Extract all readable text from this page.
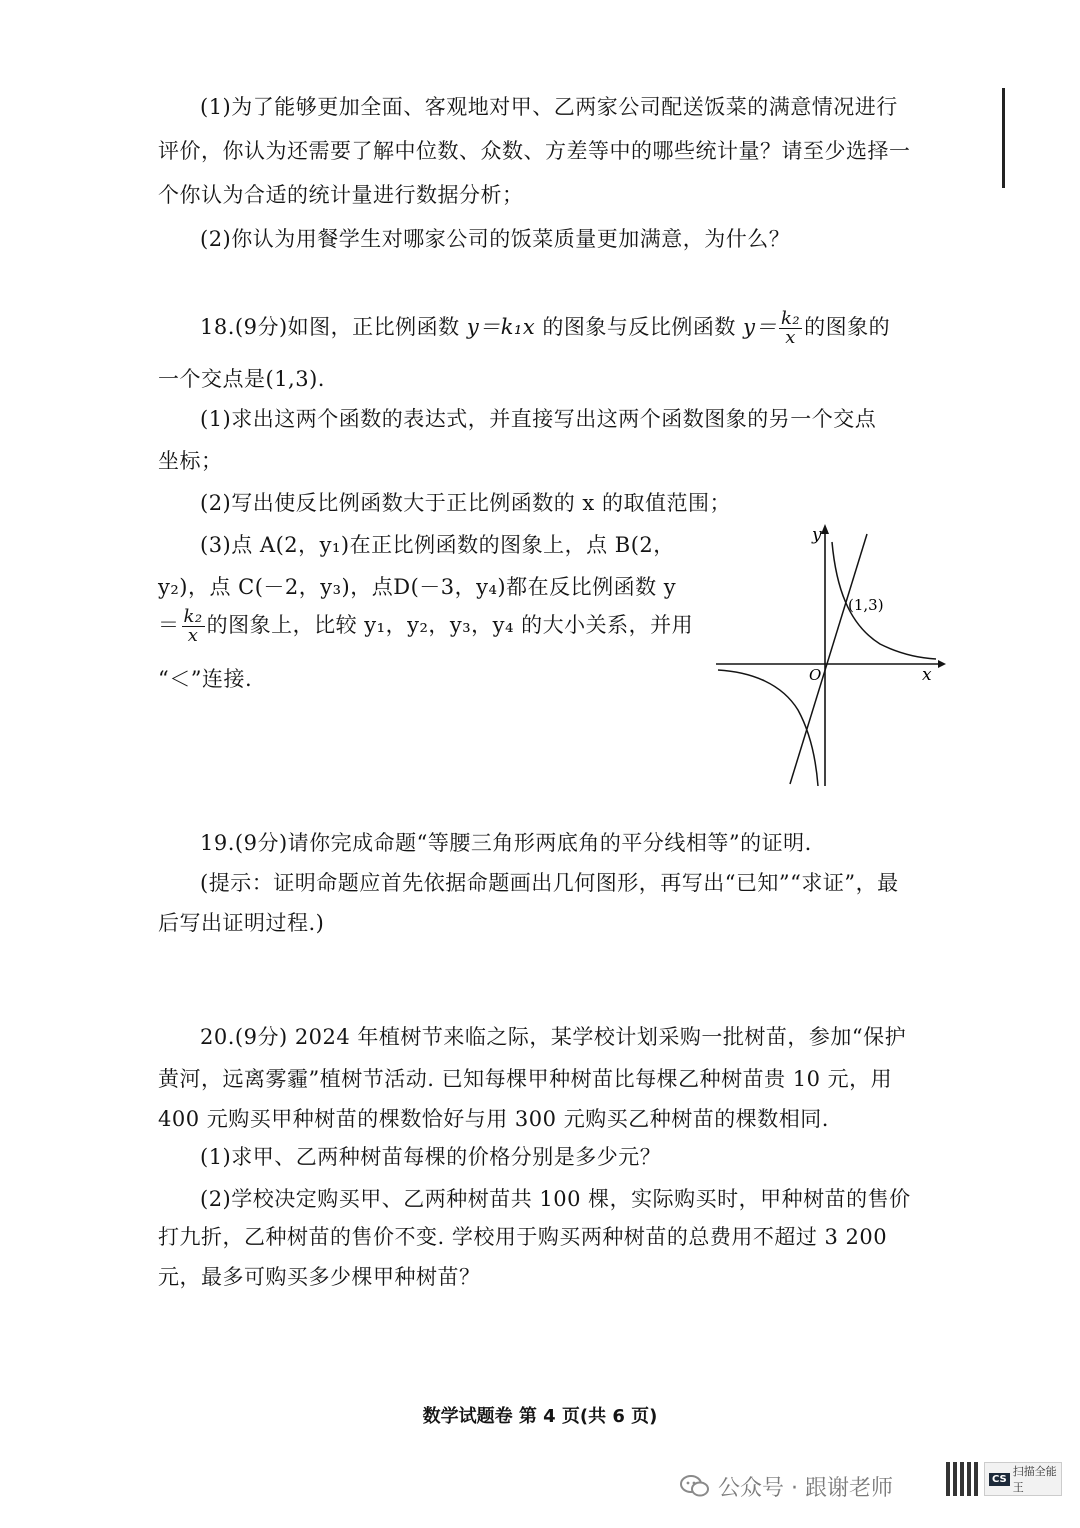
(1)为了能够更加全面、客观地对甲、乙两家公司配送饭菜的满意情况进行
评价，你认为还需要了解中位数、众数、方差等中的哪些统计量？请至少选择一
个你认为合适的统计量进行数据分析；
(2)你认为用餐学生对哪家公司的饭菜质量更加满意，为什么？
18.(9分)如图，正比例函数 y＝k₁x 的图象与反比例函数 $y= \frac{\text{k₂}}{x}$ 的图象的
一个交点是(1,3).
(1)求出这两个函数的表达式，并直接写出这两个函数图象的另一个交点
坐标；
(2)写出使反比例函数大于正比例函数的 x 的取值范围；
(3)点 A(2，y₁)在正比例函数的图象上，点 B(2，
y₂)，点 C(－2，y₃)，点D(－3，y₄)都在反比例函数 y
＝ $\frac{\text{k₂}}{x}$ 的图象上，比较 y₁，y₂，y₃，y₄ 的大小关系，并用
“＜”连接.
y
x
O
(1,3)
19.(9分)请你完成命题“等腰三角形两底角的平分线相等”的证明.
(提示：证明命题应首先依据命题画出几何图形，再写出“已知”“求证”，最
后写出证明过程.)
20.(9分) 2024 年植树节来临之际，某学校计划采购一批树苗，参加“保护
黄河，远离雾霾”植树节活动. 已知每棵甲种树苗比每棵乙种树苗贵 10 元，用
400 元购买甲种树苗的棵数恰好与用 300 元购买乙种树苗的棵数相同.
(1)求甲、乙两种树苗每棵的价格分别是多少元？
(2)学校决定购买甲、乙两种树苗共 100 棵，实际购买时，甲种树苗的售价
打九折，乙种树苗的售价不变. 学校用于购买两种树苗的总费用不超过 3 200
元，最多可购买多少棵甲种树苗？
数学试题卷 第 4 页(共 6 页)
公众号 · 跟谢老师	CS
扫描全能王
